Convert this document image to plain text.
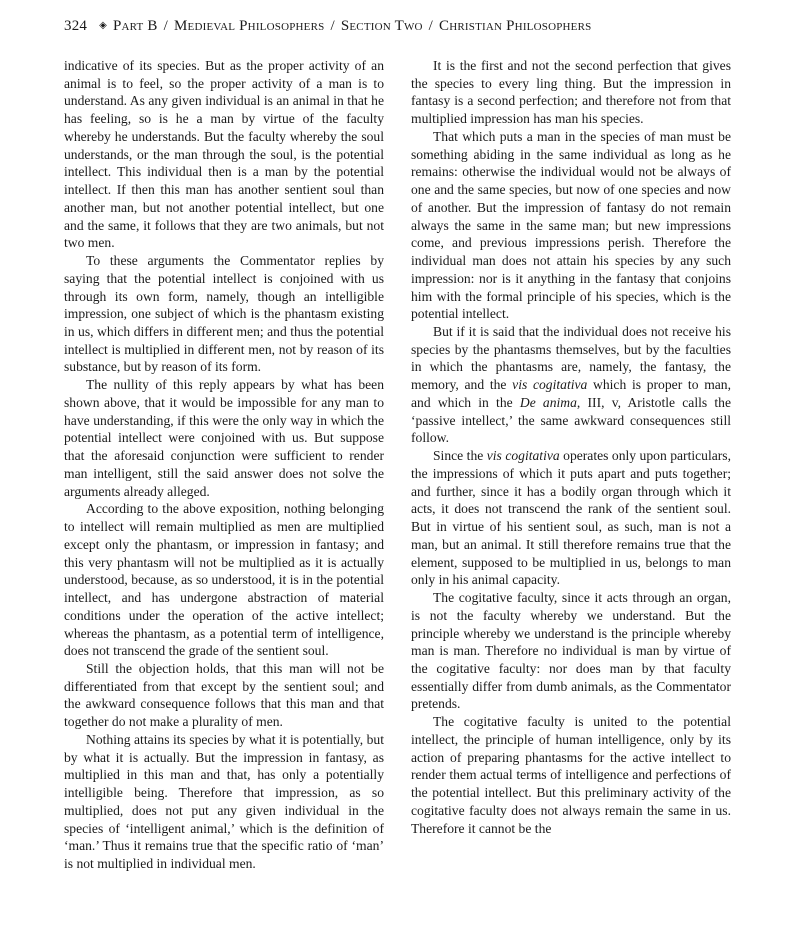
324 ◈ Part B / Medieval Philosophers / Section Two / Christian Philosophers

indicative of its species. But as the proper activity of an animal is to feel, so the proper activity of a man is to understand. As any given individual is an animal in that he has feeling, so is he a man by virtue of the faculty whereby he understands. But the faculty whereby the soul understands, or the man through the soul, is the potential intellect. This individual then is a man by the potential intellect. If then this man has another sentient soul than another man, but not another potential intellect, but one and the same, it follows that they are two animals, but not two men.

To these arguments the Commentator replies by saying that the potential intellect is conjoined with us through its own form, namely, though an intelligible impression, one subject of which is the phantasm existing in us, which differs in different men; and thus the potential intellect is multiplied in different men, not by reason of its substance, but by reason of its form.

The nullity of this reply appears by what has been shown above, that it would be impossible for any man to have understanding, if this were the only way in which the potential intellect were conjoined with us. But suppose that the aforesaid conjunction were sufficient to render man intelligent, still the said answer does not solve the arguments already alleged.

According to the above exposition, nothing belonging to intellect will remain multiplied as men are multiplied except only the phantasm, or impression in fantasy; and this very phantasm will not be multiplied as it is actually understood, because, as so understood, it is in the potential intellect, and has undergone abstraction of material conditions under the operation of the active intellect; whereas the phantasm, as a potential term of intelligence, does not transcend the grade of the sentient soul.

Still the objection holds, that this man will not be differentiated from that except by the sentient soul; and the awkward consequence follows that this man and that together do not make a plurality of men.

Nothing attains its species by what it is potentially, but by what it is actually. But the impression in fantasy, as multiplied in this man and that, has only a potentially intelligible being. Therefore that impression, as so multiplied, does not put any given individual in the species of ‘intelligent animal,’ which is the definition of ‘man.’ Thus it remains true that the specific ratio of ‘man’ is not multiplied in individual men.

It is the first and not the second perfection that gives the species to every ling thing. But the impression in fantasy is a second perfection; and therefore not from that multiplied impression has man his species.

That which puts a man in the species of man must be something abiding in the same individual as long as he remains: otherwise the individual would not be always of one and the same species, but now of one species and now of another. But the impression of fantasy do not remain always the same in the same man; but new impressions come, and previous impressions perish. Therefore the individual man does not attain his species by any such impression: nor is it anything in the fantasy that conjoins him with the formal principle of his species, which is the potential intellect.

But if it is said that the individual does not receive his species by the phantasms themselves, but by the faculties in which the phantasms are, namely, the fantasy, the memory, and the vis cogitativa which is proper to man, and which in the De anima, III, v, Aristotle calls the ‘passive intellect,’ the same awkward consequences still follow.

Since the vis cogitativa operates only upon particulars, the impressions of which it puts apart and puts together; and further, since it has a bodily organ through which it acts, it does not transcend the rank of the sentient soul. But in virtue of his sentient soul, as such, man is not a man, but an animal. It still therefore remains true that the element, supposed to be multiplied in us, belongs to man only in his animal capacity.

The cogitative faculty, since it acts through an organ, is not the faculty whereby we understand. But the principle whereby we understand is the principle whereby man is man. Therefore no individual is man by virtue of the cogitative faculty: nor does man by that faculty essentially differ from dumb animals, as the Commentator pretends.

The cogitative faculty is united to the potential intellect, the principle of human intelligence, only by its action of preparing phantasms for the active intellect to render them actual terms of intelligence and perfections of the potential intellect. But this preliminary activity of the cogitative faculty does not always remain the same in us. Therefore it cannot be the
